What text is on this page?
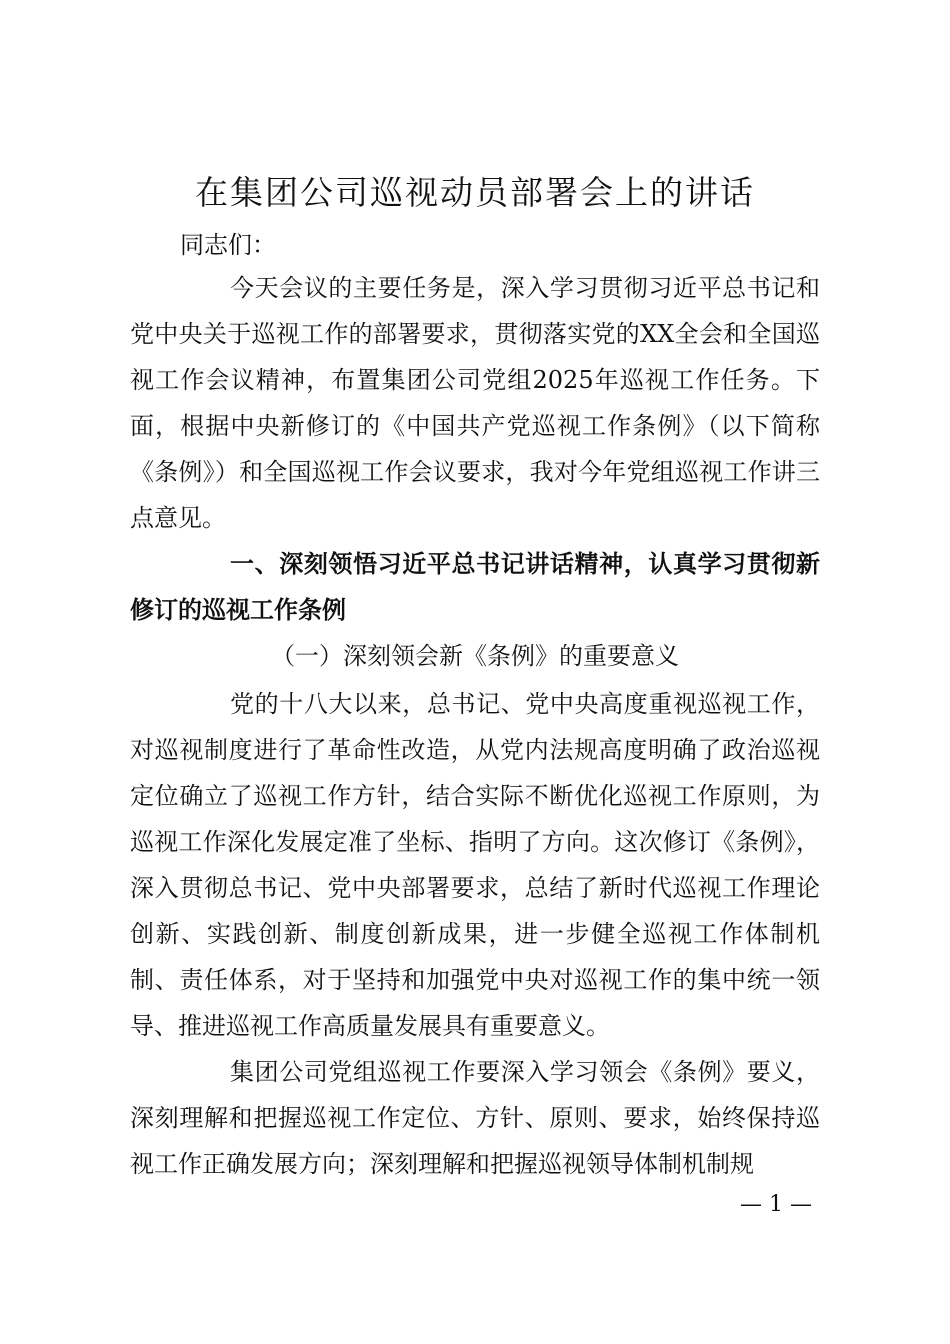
在集团公司巡视动员部署会上的讲话
同志们：

今天会议的主要任务是，深入学习贯彻习近平总书记和党中央关于巡视工作的部署要求，贯彻落实党的XX全会和全国巡视工作会议精神，布置集团公司党组2025年巡视工作任务。下面，根据中央新修订的《中国共产党巡视工作条例》（以下简称《条例》）和全国巡视工作会议要求，我对今年党组巡视工作讲三点意见。

一、深刻领悟习近平总书记讲话精神，认真学习贯彻新修订的巡视工作条例

（一）深刻领会新《条例》的重要意义

党的十八大以来，总书记、党中央高度重视巡视工作，对巡视制度进行了革命性改造，从党内法规高度明确了政治巡视定位确立了巡视工作方针，结合实际不断优化巡视工作原则，为巡视工作深化发展定准了坐标、指明了方向。这次修订《条例》，深入贯彻总书记、党中央部署要求，总结了新时代巡视工作理论创新、实践创新、制度创新成果，进一步健全巡视工作体制机制、责任体系，对于坚持和加强党中央对巡视工作的集中统一领导、推进巡视工作高质量发展具有重要意义。

集团公司党组巡视工作要深入学习领会《条例》要义，深刻理解和把握巡视工作定位、方针、原则、要求，始终保持巡视工作正确发展方向；深刻理解和把握巡视领导体制机制规

— 1 —
